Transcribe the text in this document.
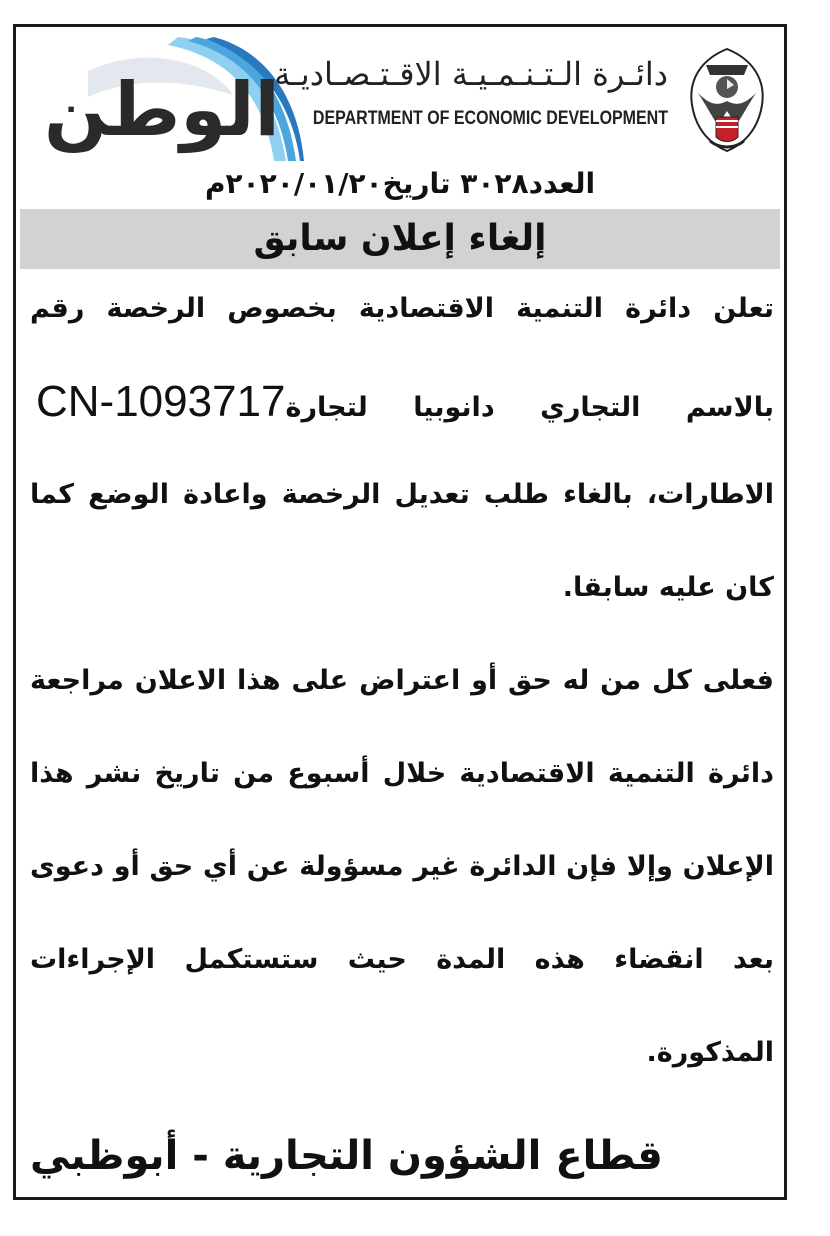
الوطن
دائـرة الـتـنـمـيـة الاقـتـصـاديـة
DEPARTMENT OF ECONOMIC DEVELOPMENT
العدد٣٠٢٨ تاريخ٢٠٢٠/٠١/٢٠م
إلغاء إعلان سابق
تعلن دائرة التنمية الاقتصادية بخصوص الرخصة رقم
بالاسم التجاري دانوبيا لتجارةCN-1093717
الاطارات، بالغاء طلب تعديل الرخصة واعادة الوضع كما
كان عليه سابقا.
فعلى كل من له حق أو اعتراض على هذا الاعلان مراجعة
دائرة التنمية الاقتصادية خلال أسبوع من تاريخ نشر هذا
الإعلان وإلا فإن الدائرة غير مسؤولة عن أي حق أو دعوى
بعد انقضاء هذه المدة حيث ستستكمل الإجراءات
المذكورة.
قطاع الشؤون التجارية - أبوظبي
